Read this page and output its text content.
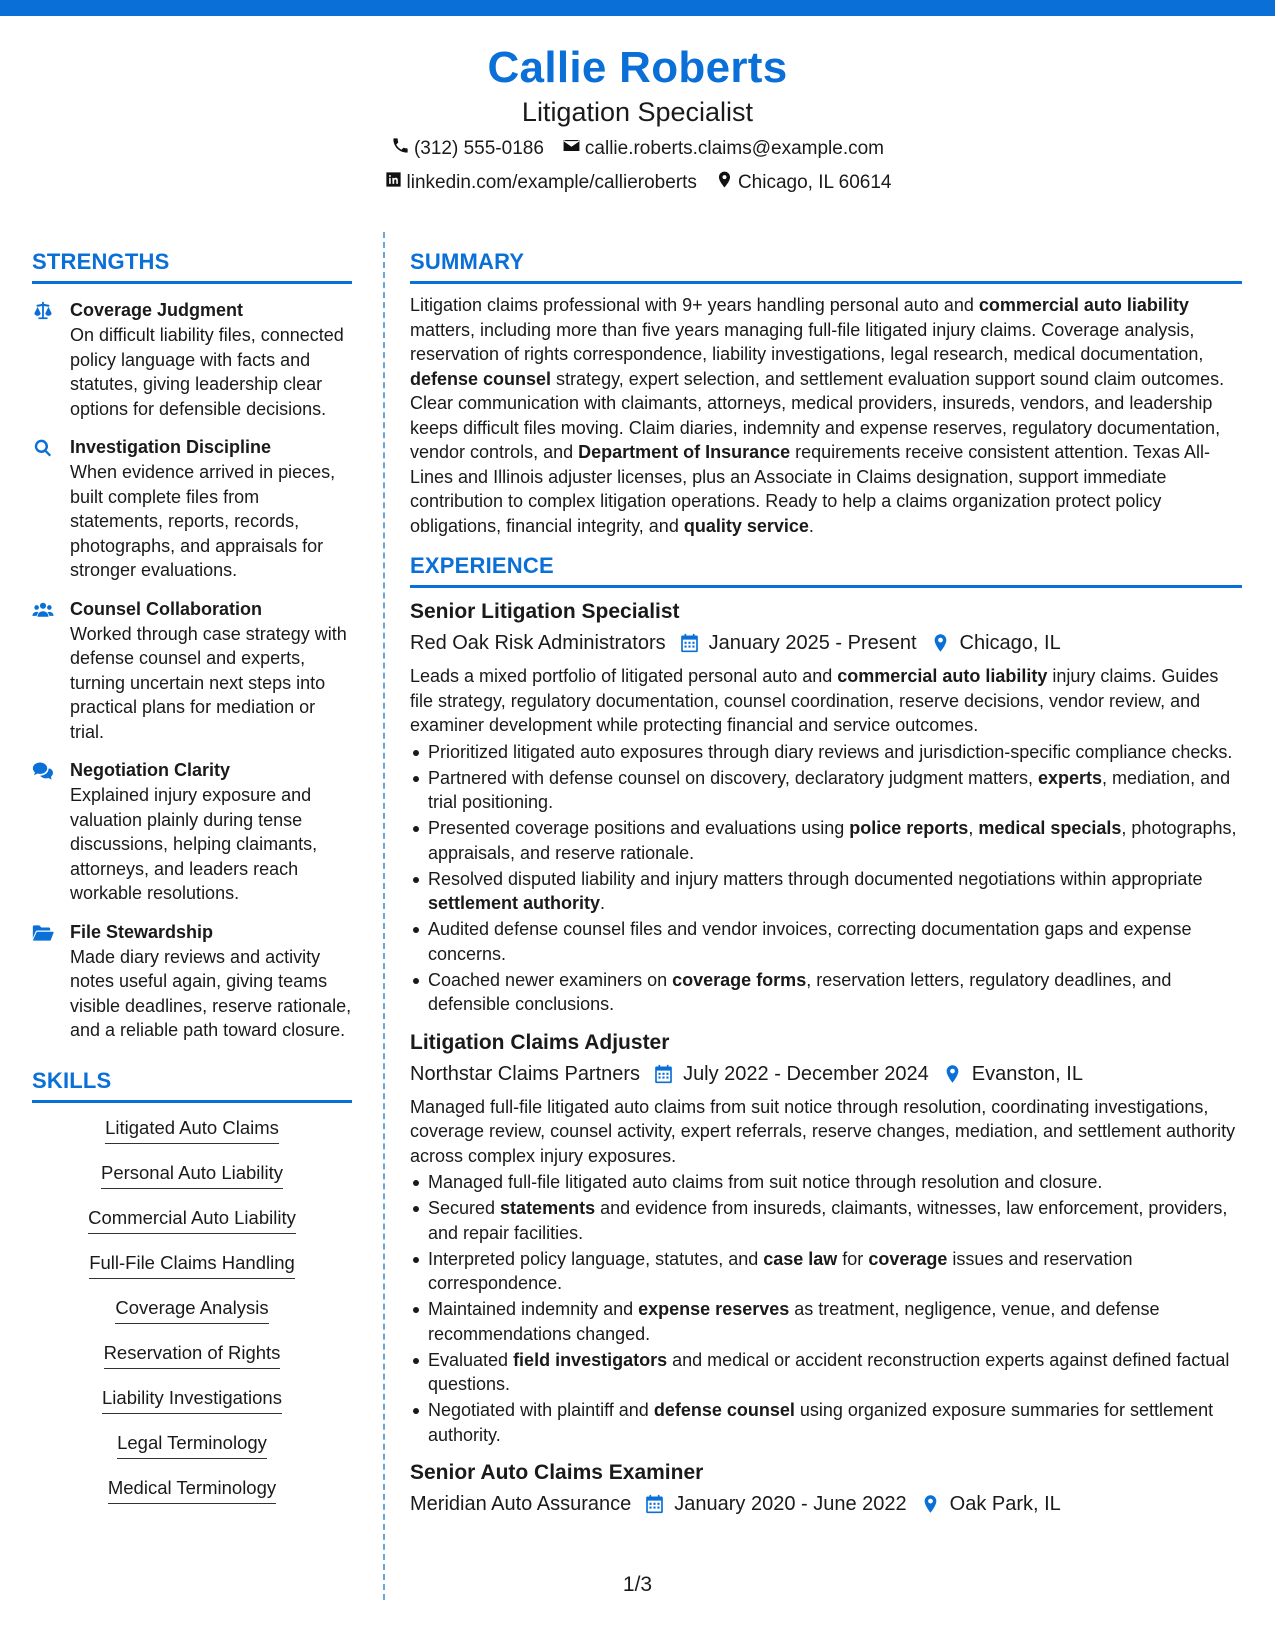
Callie Roberts
Litigation Specialist
(312) 555-0186 callie.roberts.claims@example.com
linkedin.com/example/callieroberts Chicago, IL 60614
STRENGTHS
Coverage Judgment
On difficult liability files, connected policy language with facts and statutes, giving leadership clear options for defensible decisions.
Investigation Discipline
When evidence arrived in pieces, built complete files from statements, reports, records, photographs, and appraisals for stronger evaluations.
Counsel Collaboration
Worked through case strategy with defense counsel and experts, turning uncertain next steps into practical plans for mediation or trial.
Negotiation Clarity
Explained injury exposure and valuation plainly during tense discussions, helping claimants, attorneys, and leaders reach workable resolutions.
File Stewardship
Made diary reviews and activity notes useful again, giving teams visible deadlines, reserve rationale, and a reliable path toward closure.
SKILLS
Litigated Auto Claims
Personal Auto Liability
Commercial Auto Liability
Full-File Claims Handling
Coverage Analysis
Reservation of Rights
Liability Investigations
Legal Terminology
Medical Terminology
SUMMARY

Litigation claims professional with 9+ years handling personal auto and commercial auto liability matters, including more than five years managing full-file litigated injury claims. Coverage analysis, reservation of rights correspondence, liability investigations, legal research, medical documentation, defense counsel strategy, expert selection, and settlement evaluation support sound claim outcomes. Clear communication with claimants, attorneys, medical providers, insureds, vendors, and leadership keeps difficult files moving. Claim diaries, indemnity and expense reserves, regulatory documentation, vendor controls, and Department of Insurance requirements receive consistent attention. Texas All-Lines and Illinois adjuster licenses, plus an Associate in Claims designation, support immediate contribution to complex litigation operations. Ready to help a claims organization protect policy obligations, financial integrity, and quality service.

EXPERIENCE
Senior Litigation Specialist
Red Oak Risk Administrators January 2025 - Present Chicago, IL

Leads a mixed portfolio of litigated personal auto and commercial auto liability injury claims. Guides file strategy, regulatory documentation, counsel coordination, reserve decisions, vendor review, and examiner development while protecting financial and service outcomes.

Prioritized litigated auto exposures through diary reviews and jurisdiction-specific compliance checks.
Partnered with defense counsel on discovery, declaratory judgment matters, experts, mediation, and trial positioning.
Presented coverage positions and evaluations using police reports, medical specials, photographs, appraisals, and reserve rationale.
Resolved disputed liability and injury matters through documented negotiations within appropriate settlement authority.
Audited defense counsel files and vendor invoices, correcting documentation gaps and expense concerns.
Coached newer examiners on coverage forms, reservation letters, regulatory deadlines, and defensible conclusions.
Litigation Claims Adjuster
Northstar Claims Partners July 2022 - December 2024 Evanston, IL

Managed full-file litigated auto claims from suit notice through resolution, coordinating investigations, coverage review, counsel activity, expert referrals, reserve changes, mediation, and settlement authority across complex injury exposures.

Managed full-file litigated auto claims from suit notice through resolution and closure.
Secured statements and evidence from insureds, claimants, witnesses, law enforcement, providers, and repair facilities.
Interpreted policy language, statutes, and case law for coverage issues and reservation correspondence.
Maintained indemnity and expense reserves as treatment, negligence, venue, and defense recommendations changed.
Evaluated field investigators and medical or accident reconstruction experts against defined factual questions.
Negotiated with plaintiff and defense counsel using organized exposure summaries for settlement authority.
Senior Auto Claims Examiner
Meridian Auto Assurance January 2020 - June 2022 Oak Park, IL
1/3
